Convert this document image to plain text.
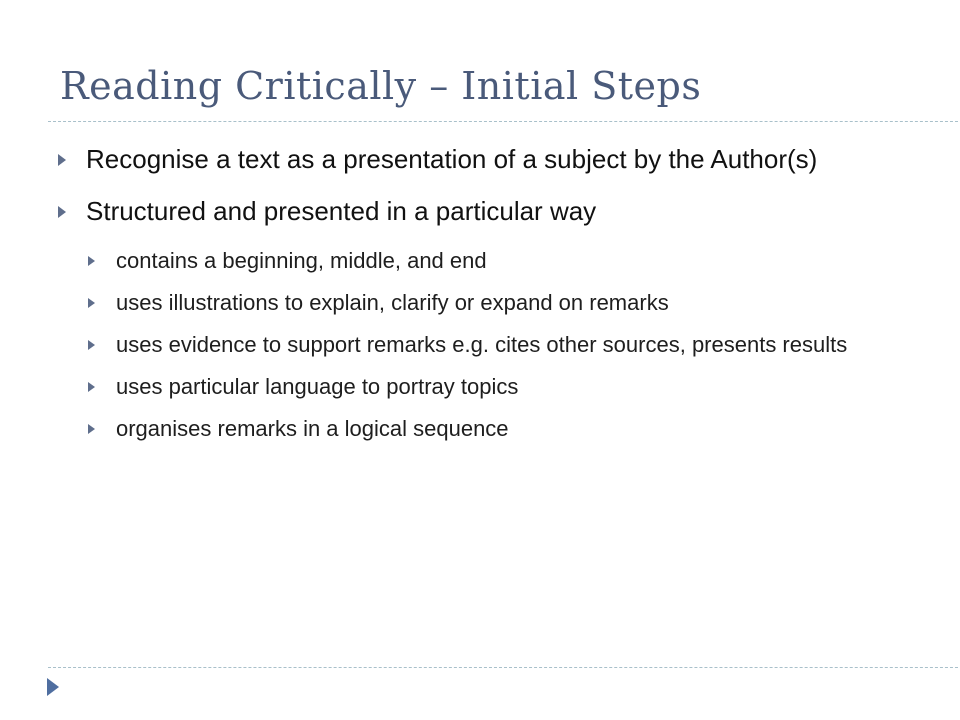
Reading Critically – Initial Steps
Recognise a text as a presentation of a subject by the Author(s)
Structured and presented in a particular way
contains a beginning, middle, and end
uses illustrations to explain, clarify or expand on remarks
uses evidence to support remarks e.g. cites other sources, presents results
uses particular language to portray topics
organises remarks in a logical sequence
